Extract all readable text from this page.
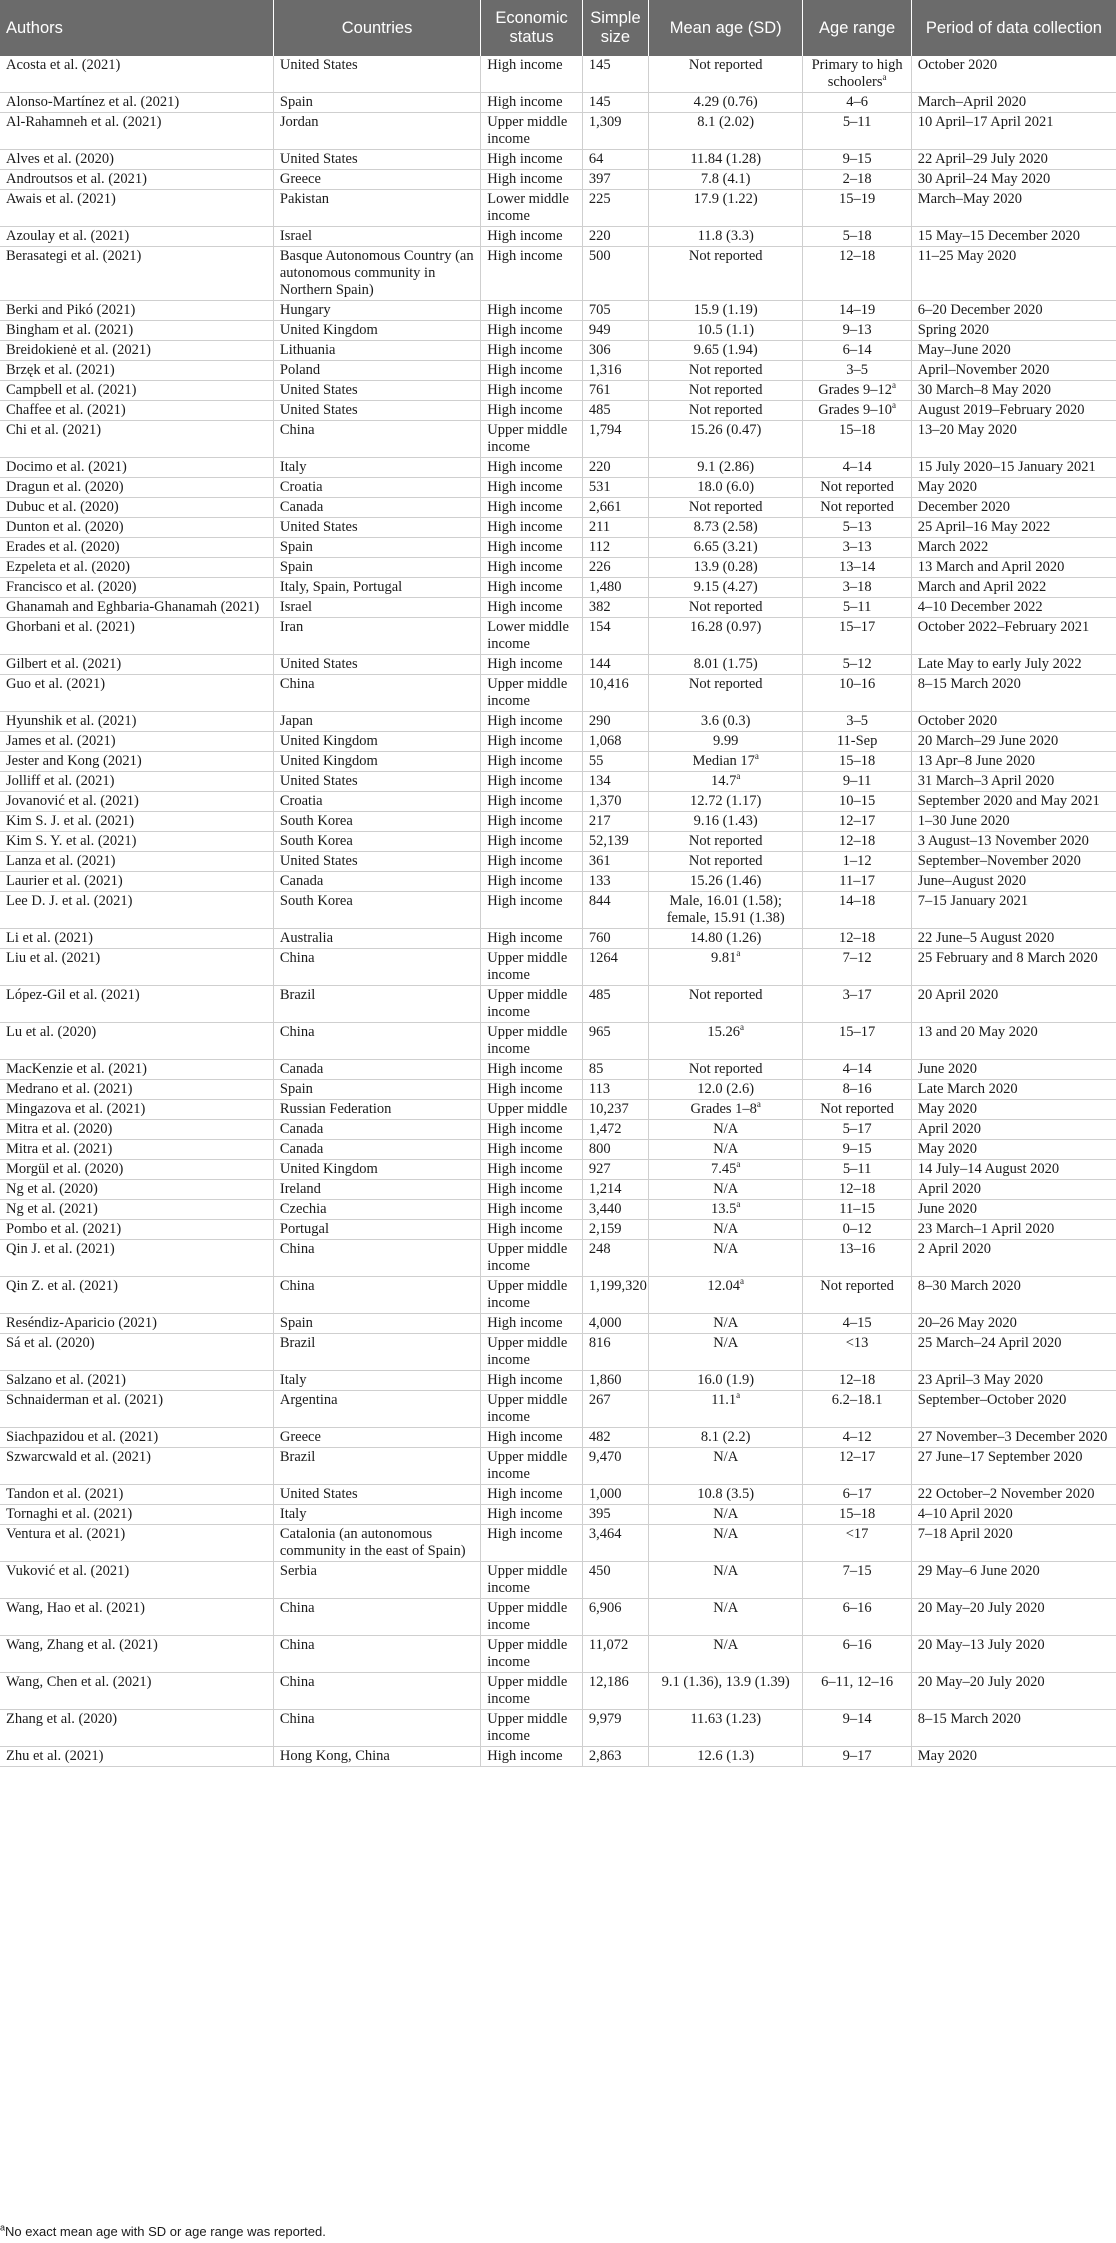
Authors	Countries	Economic status	Simple size	Mean age (SD)	Age range	Period of data collection
Acosta et al. (2021)	United States	High income	145	Not reported	Primary to high schoolers$^a$	October 2020
Alonso-Martínez et al. (2021)	Spain	High income	145	4.29 (0.76)	4–6	March–April 2020
Al-Rahamneh et al. (2021)	Jordan	Upper middle income	1,309	8.1 (2.02)	5–11	10 April–17 April 2021
Alves et al. (2020)	United States	High income	64	11.84 (1.28)	9–15	22 April–29 July 2020
Androutsos et al. (2021)	Greece	High income	397	7.8 (4.1)	2–18	30 April–24 May 2020
Awais et al. (2021)	Pakistan	Lower middle income	225	17.9 (1.22)	15–19	March–May 2020
Azoulay et al. (2021)	Israel	High income	220	11.8 (3.3)	5–18	15 May–15 December 2020
Berasategi et al. (2021)	Basque Autonomous Country (an autonomous community in Northern Spain)	High income	500	Not reported	12–18	11–25 May 2020
Berki and Pikó (2021)	Hungary	High income	705	15.9 (1.19)	14–19	6–20 December 2020
Bingham et al. (2021)	United Kingdom	High income	949	10.5 (1.1)	9–13	Spring 2020
Breidokienė et al. (2021)	Lithuania	High income	306	9.65 (1.94)	6–14	May–June 2020
Brzęk et al. (2021)	Poland	High income	1,316	Not reported	3–5	April–November 2020
Campbell et al. (2021)	United States	High income	761	Not reported	Grades 9–12$^a$	30 March–8 May 2020
Chaffee et al. (2021)	United States	High income	485	Not reported	Grades 9–10$^a$	August 2019–February 2020
Chi et al. (2021)	China	Upper middle income	1,794	15.26 (0.47)	15–18	13–20 May 2020
Docimo et al. (2021)	Italy	High income	220	9.1 (2.86)	4–14	15 July 2020–15 January 2021
Dragun et al. (2020)	Croatia	High income	531	18.0 (6.0)	Not reported	May 2020
Dubuc et al. (2020)	Canada	High income	2,661	Not reported	Not reported	December 2020
Dunton et al. (2020)	United States	High income	211	8.73 (2.58)	5–13	25 April–16 May 2022
Erades et al. (2020)	Spain	High income	112	6.65 (3.21)	3–13	March 2022
Ezpeleta et al. (2020)	Spain	High income	226	13.9 (0.28)	13–14	13 March and April 2020
Francisco et al. (2020)	Italy, Spain, Portugal	High income	1,480	9.15 (4.27)	3–18	March and April 2022
Ghanamah and Eghbaria-Ghanamah (2021)	Israel	High income	382	Not reported	5–11	4–10 December 2022
Ghorbani et al. (2021)	Iran	Lower middle income	154	16.28 (0.97)	15–17	October 2022–February 2021
Gilbert et al. (2021)	United States	High income	144	8.01 (1.75)	5–12	Late May to early July 2022
Guo et al. (2021)	China	Upper middle income	10,416	Not reported	10–16	8–15 March 2020
Hyunshik et al. (2021)	Japan	High income	290	3.6 (0.3)	3–5	October 2020
James et al. (2021)	United Kingdom	High income	1,068	9.99	11-Sep	20 March–29 June 2020
Jester and Kong (2021)	United Kingdom	High income	55	Median 17$^a$	15–18	13 Apr–8 June 2020
Jolliff et al. (2021)	United States	High income	134	14.7$^a$	9–11	31 March–3 April 2020
Jovanović et al. (2021)	Croatia	High income	1,370	12.72 (1.17)	10–15	September 2020 and May 2021
Kim S. J. et al. (2021)	South Korea	High income	217	9.16 (1.43)	12–17	1–30 June 2020
Kim S. Y. et al. (2021)	South Korea	High income	52,139	Not reported	12–18	3 August–13 November 2020
Lanza et al. (2021)	United States	High income	361	Not reported	1–12	September–November 2020
Laurier et al. (2021)	Canada	High income	133	15.26 (1.46)	11–17	June–August 2020
Lee D. J. et al. (2021)	South Korea	High income	844	Male, 16.01 (1.58); female, 15.91 (1.38)	14–18	7–15 January 2021
Li et al. (2021)	Australia	High income	760	14.80 (1.26)	12–18	22 June–5 August 2020
Liu et al. (2021)	China	Upper middle income	1264	9.81$^a$	7–12	25 February and 8 March 2020
López-Gil et al. (2021)	Brazil	Upper middle income	485	Not reported	3–17	20 April 2020
Lu et al. (2020)	China	Upper middle income	965	15.26$^a$	15–17	13 and 20 May 2020
MacKenzie et al. (2021)	Canada	High income	85	Not reported	4–14	June 2020
Medrano et al. (2021)	Spain	High income	113	12.0 (2.6)	8–16	Late March 2020
Mingazova et al. (2021)	Russian Federation	Upper middle	10,237	Grades 1–8$^a$	Not reported	May 2020
Mitra et al. (2020)	Canada	High income	1,472	N/A	5–17	April 2020
Mitra et al. (2021)	Canada	High income	800	N/A	9–15	May 2020
Morgül et al. (2020)	United Kingdom	High income	927	7.45$^a$	5–11	14 July–14 August 2020
Ng et al. (2020)	Ireland	High income	1,214	N/A	12–18	April 2020
Ng et al. (2021)	Czechia	High income	3,440	13.5$^a$	11–15	June 2020
Pombo et al. (2021)	Portugal	High income	2,159	N/A	0–12	23 March–1 April 2020
Qin J. et al. (2021)	China	Upper middle income	248	N/A	13–16	2 April 2020
Qin Z. et al. (2021)	China	Upper middle income	1,199,320	12.04$^a$	Not reported	8–30 March 2020
Reséndiz-Aparicio (2021)	Spain	High income	4,000	N/A	4–15	20–26 May 2020
Sá et al. (2020)	Brazil	Upper middle income	816	N/A	<13	25 March–24 April 2020
Salzano et al. (2021)	Italy	High income	1,860	16.0 (1.9)	12–18	23 April–3 May 2020
Schnaiderman et al. (2021)	Argentina	Upper middle income	267	11.1$^a$	6.2–18.1	September–October 2020
Siachpazidou et al. (2021)	Greece	High income	482	8.1 (2.2)	4–12	27 November–3 December 2020
Szwarcwald et al. (2021)	Brazil	Upper middle income	9,470	N/A	12–17	27 June–17 September 2020
Tandon et al. (2021)	United States	High income	1,000	10.8 (3.5)	6–17	22 October–2 November 2020
Tornaghi et al. (2021)	Italy	High income	395	N/A	15–18	4–10 April 2020
Ventura et al. (2021)	Catalonia (an autonomous community in the east of Spain)	High income	3,464	N/A	<17	7–18 April 2020
Vuković et al. (2021)	Serbia	Upper middle income	450	N/A	7–15	29 May–6 June 2020
Wang, Hao et al. (2021)	China	Upper middle income	6,906	N/A	6–16	20 May–20 July 2020
Wang, Zhang et al. (2021)	China	Upper middle income	11,072	N/A	6–16	20 May–13 July 2020
Wang, Chen et al. (2021)	China	Upper middle income	12,186	9.1 (1.36), 13.9 (1.39)	6–11, 12–16	20 May–20 July 2020
Zhang et al. (2020)	China	Upper middle income	9,979	11.63 (1.23)	9–14	8–15 March 2020
Zhu et al. (2021)	Hong Kong, China	High income	2,863	12.6 (1.3)	9–17	May 2020
$^a$No exact mean age with SD or age range was reported.
